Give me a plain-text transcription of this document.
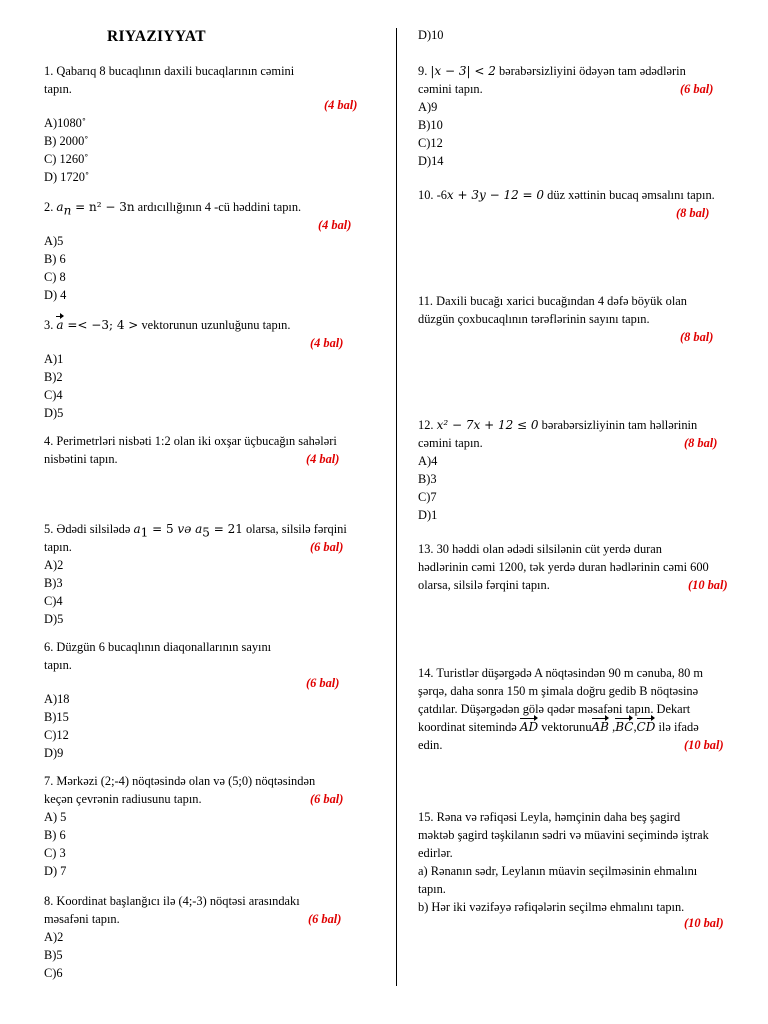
RIYAZIYYAT
1. Qabarıq 8 bucaqlının daxili bucaqlarının cəmini
tapın.
(4 bal)
A)1080˚
B) 2000˚
C) 1260˚
D) 1720˚
2. $a_n = n^2 - 3n$ ardıcıllığının 4 -cü həddini tapın.
(4 bal)
A)5
B) 6
C) 8
D) 4
3. a =< −3; 4 > vektorunun uzunluğunu tapın.
(4 bal)
A)1
B)2
C)4
D)5
4. Perimetrləri nisbəti 1:2 olan iki oxşar üçbucağın sahələri
nisbətini tapın.	(4 bal)
5. Ədədi silsilədə $a_1 = 5$ və $a_5 = 21$ olarsa, silsilə fərqini
tapın.	(6 bal)
A)2
B)3
C)4
D)5
6. Düzgün 6 bucaqlının diaqonallarının sayını
tapın.
(6 bal)
A)18
B)15
C)12
D)9
7. Mərkəzi (2;-4) nöqtəsində olan və (5;0) nöqtəsindən
keçən çevrənin radiusunu tapın.	(6 bal)
A) 5
B) 6
C) 3
D) 7
8. Koordinat başlanğıcı ilə (4;-3) nöqtəsi arasındakı
məsafəni tapın.	(6 bal)
A)2
B)5
C)6
D)10
9. |x − 3| < 2 bərabərsizliyini ödəyən tam ədədlərin
cəmini tapın.	(6 bal)
A)9
B)10
C)12
D)14
10. -6x + 3y − 12 = 0 düz xəttinin bucaq əmsalını tapın.
(8 bal)
11. Daxili bucağı xarici bucağından 4 dəfə böyük olan
düzgün çoxbucaqlının tərəflərinin sayını tapın.
(8 bal)
12. x² − 7x + 12 ≤ 0 bərabərsizliyinin tam həllərinin
cəmini tapın.	(8 bal)
A)4
B)3
C)7
D)1
13. 30 həddi olan ədədi silsilənin cüt yerdə duran
hədlərinin cəmi 1200, tək yerdə duran hədlərinin cəmi 600
olarsa, silsilə fərqini tapın.	(10 bal)
14. Turistlər düşərgədə A nöqtəsindən 90 m cənuba, 80 m
şərqə, daha sonra 150 m şimala doğru gedib B nöqtəsinə
çatdılar. Düşərgədən gölə qədər məsafəni tapın. Dekart
koordinat sitemində AD vektorunuAB ,BC,CD ilə ifadə
edin.	(10 bal)
15. Rəna və rəfiqəsi Leyla, həmçinin daha beş şagird
məktəb şagird təşkilanın sədri və müavini seçimində iştrak
edirlər.
a) Rənanın sədr, Leylanın müavin seçilməsinin ehmalını
tapın.
b) Hər iki vəzifəyə rəfiqələrin seçilmə ehmalını tapın.
(10 bal)
